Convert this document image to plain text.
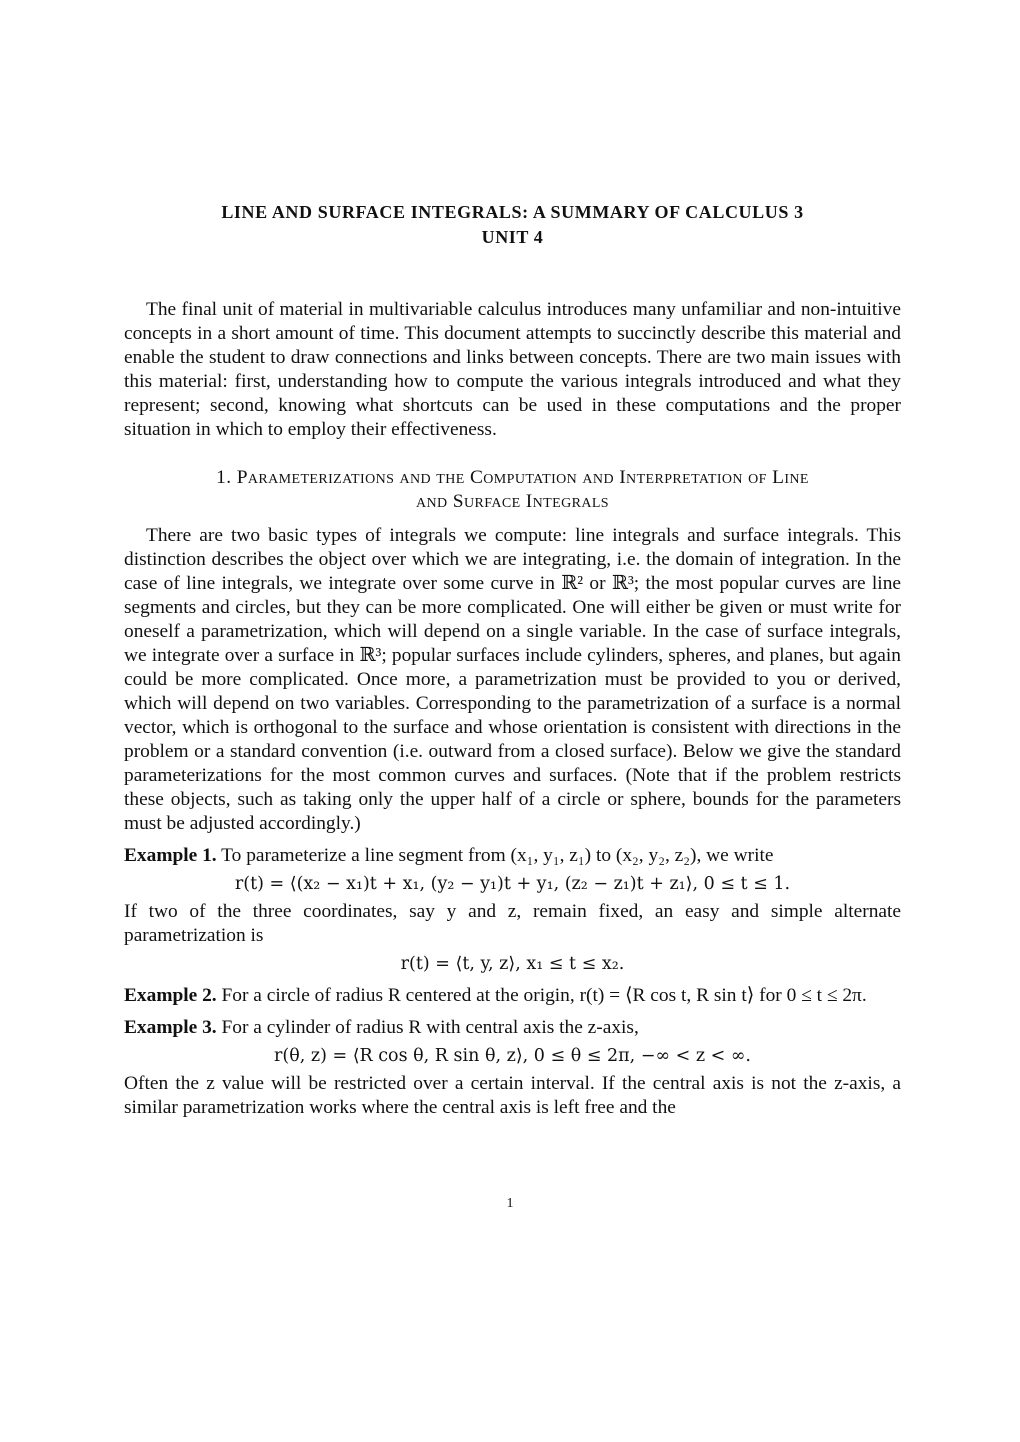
LINE AND SURFACE INTEGRALS: A SUMMARY OF CALCULUS 3
UNIT 4

The final unit of material in multivariable calculus introduces many unfamiliar and non-intuitive concepts in a short amount of time. This document attempts to succinctly describe this material and enable the student to draw connections and links between concepts. There are two main issues with this material: first, understanding how to compute the various integrals introduced and what they represent; second, knowing what shortcuts can be used in these computations and the proper situation in which to employ their effectiveness.

1. Parameterizations and the Computation and Interpretation of Line
and Surface Integrals

There are two basic types of integrals we compute: line integrals and surface integrals. This distinction describes the object over which we are integrating, i.e. the domain of integration. In the case of line integrals, we integrate over some curve in ℝ² or ℝ³; the most popular curves are line segments and circles, but they can be more complicated. One will either be given or must write for oneself a parametrization, which will depend on a single variable. In the case of surface integrals, we integrate over a surface in ℝ³; popular surfaces include cylinders, spheres, and planes, but again could be more complicated. Once more, a parametrization must be provided to you or derived, which will depend on two variables. Corresponding to the parametrization of a surface is a normal vector, which is orthogonal to the surface and whose orientation is consistent with directions in the problem or a standard convention (i.e. outward from a closed surface). Below we give the standard parameterizations for the most common curves and surfaces. (Note that if the problem restricts these objects, such as taking only the upper half of a circle or sphere, bounds for the parameters must be adjusted accordingly.)

Example 1. To parameterize a line segment from (x₁, y₁, z₁) to (x₂, y₂, z₂), we write

r(t) = ⟨(x₂ − x₁)t + x₁, (y₂ − y₁)t + y₁, (z₂ − z₁)t + z₁⟩, 0 ≤ t ≤ 1.

If two of the three coordinates, say y and z, remain fixed, an easy and simple alternate parametrization is

r(t) = ⟨t, y, z⟩, x₁ ≤ t ≤ x₂.

Example 2. For a circle of radius R centered at the origin, r(t) = ⟨R cos t, R sin t⟩ for 0 ≤ t ≤ 2π.

Example 3. For a cylinder of radius R with central axis the z-axis,

r(θ, z) = ⟨R cos θ, R sin θ, z⟩, 0 ≤ θ ≤ 2π, −∞ < z < ∞.

Often the z value will be restricted over a certain interval. If the central axis is not the z-axis, a similar parametrization works where the central axis is left free and the

1
